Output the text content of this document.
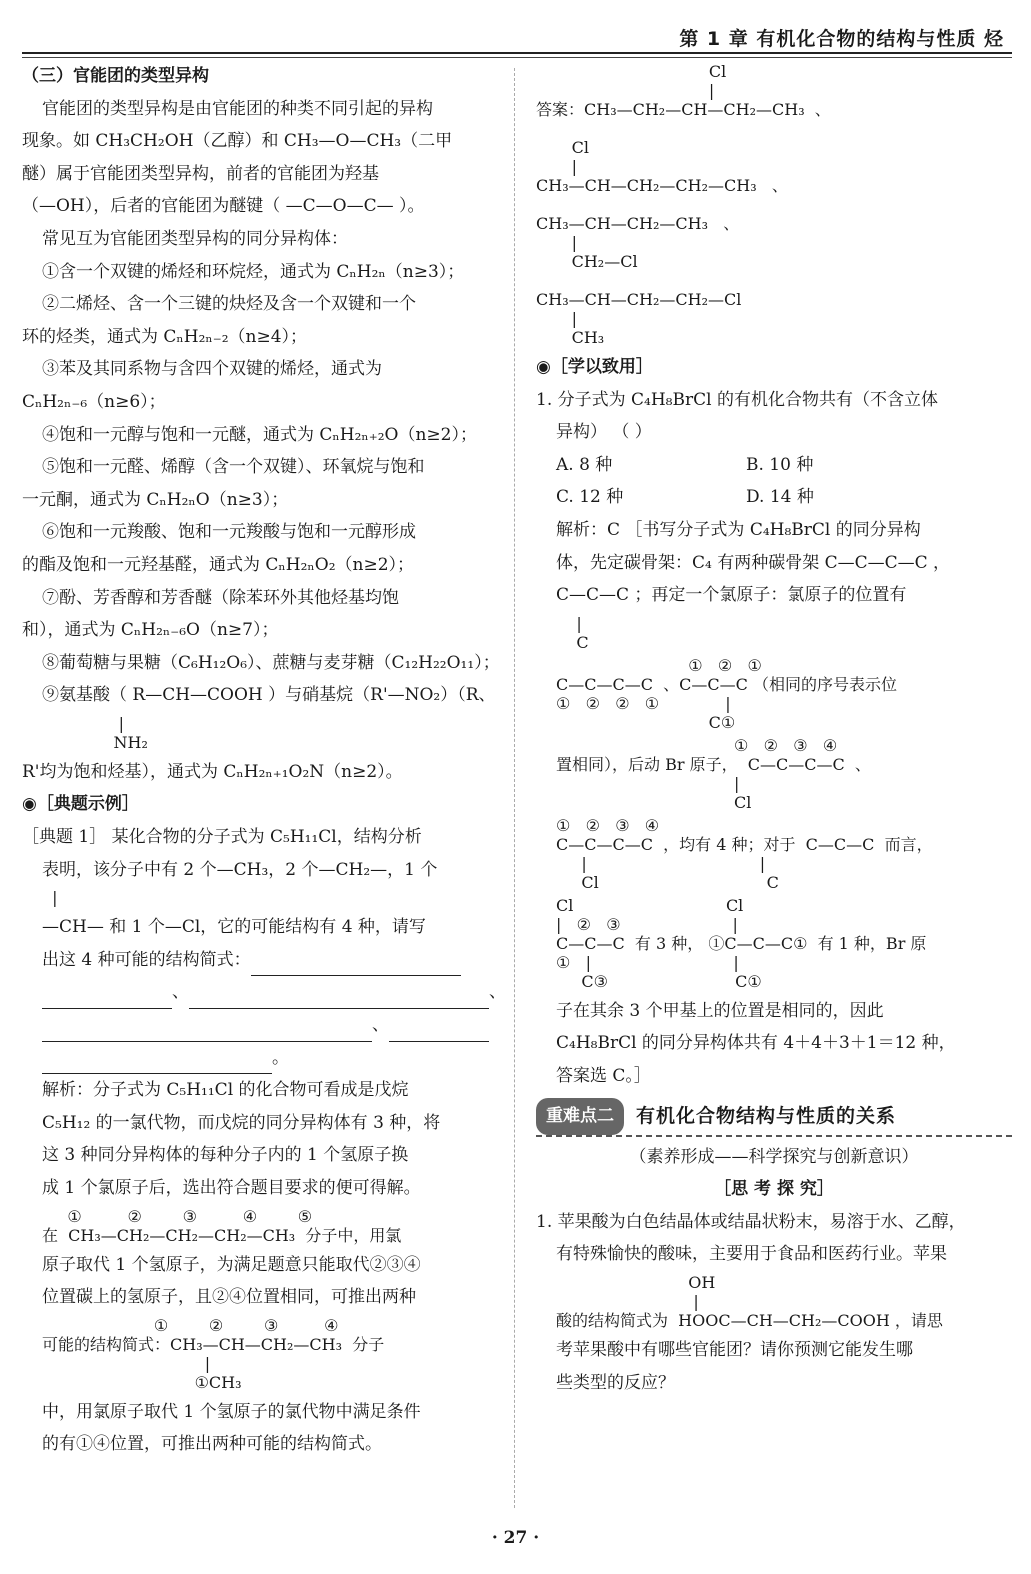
第 1 章 有机化合物的结构与性质 烃
（三）官能团的类型异构
官能团的类型异构是由官能团的种类不同引起的异构
现象。如 CH₃CH₂OH（乙醇）和 CH₃—O—CH₃（二甲
醚）属于官能团类型异构，前者的官能团为羟基
（—OH），后者的官能团为醚键（ —C—O—C— ）。
常见互为官能团类型异构的同分异构体：
①含一个双键的烯烃和环烷烃，通式为 CₙH₂ₙ（n≥3）；
②二烯烃、含一个三键的炔烃及含一个双键和一个
环的烃类，通式为 CₙH₂ₙ₋₂（n≥4）；
③苯及其同系物与含四个双键的烯烃，通式为
CₙH₂ₙ₋₆（n≥6）；
④饱和一元醇与饱和一元醚，通式为 CₙH₂ₙ₊₂O（n≥2）；
⑤饱和一元醛、烯醇（含一个双键）、环氧烷与饱和
一元酮，通式为 CₙH₂ₙO（n≥3）；
⑥饱和一元羧酸、饱和一元羧酸与饱和一元醇形成
的酯及饱和一元羟基醛，通式为 CₙH₂ₙO₂（n≥2）；
⑦酚、芳香醇和芳香醚（除苯环外其他烃基均饱
和），通式为 CₙH₂ₙ₋₆O（n≥7）；
⑧葡萄糖与果糖（C₆H₁₂O₆）、蔗糖与麦芽糖（C₁₂H₂₂O₁₁）；
⑨氨基酸（ R—CH—COOH ）与硝基烷（R'—NO₂）（R、
|
NH₂
R'均为饱和烃基），通式为 CₙH₂ₙ₊₁O₂N（n≥2）。
◉［典题示例］
［典题 1］ 某化合物的分子式为 C₅H₁₁Cl，结构分析
表明，该分子中有 2 个—CH₃，2 个—CH₂—，1 个
|
—CH— 和 1 个—Cl，它的可能结构有 4 种，请写
出这 4 种可能的结构简式：
、	、
、
。
解析：分子式为 C₅H₁₁Cl 的化合物可看成是戊烷
C₅H₁₂ 的一氯代物，而戊烷的同分异构体有 3 种，将
这 3 种同分异构体的每种分子内的 1 个氢原子换
成 1 个氯原子后，选出符合题目要求的便可得解。
①         ②        ③         ④        ⑤
在  CH₃—CH₂—CH₂—CH₂—CH₃  分子中，用氯
原子取代 1 个氢原子，为满足题意只能取代②③④
位置碳上的氢原子，且②④位置相同，可推出两种
①        ②        ③         ④
可能的结构简式：CH₃—CH—CH₂—CH₃  分子
|
①CH₃
中，用氯原子取代 1 个氢原子的氯代物中满足条件
的有①④位置，可推出两种可能的结构简式。
Cl
|
答案：CH₃—CH₂—CH—CH₂—CH₃  、

Cl
|
CH₃—CH—CH₂—CH₂—CH₃   、

CH₃—CH—CH₂—CH₃   、
|
CH₂—Cl

CH₃—CH—CH₂—CH₂—Cl
|
CH₃
◉［学以致用］
1. 分子式为 C₄H₈BrCl 的有机化合物共有（不含立体
异构） （ ）
A. 8 种	B. 10 种
C. 12 种	D. 14 种
解析：C ［书写分子式为 C₄H₈BrCl 的同分异构
体，先定碳骨架：C₄ 有两种碳骨架 C—C—C—C ，
C—C—C ；再定一个氯原子：氯原子的位置有
|
C
①   ②   ①
C—C—C—C  、C—C—C （相同的序号表示位
①   ②   ②   ①             |
C①
①   ②   ③   ④
置相同），后动 Br 原子，  C—C—C—C  、
|
Cl
①   ②   ③   ④
C—C—C—C  ，均有 4 种；对于  C—C—C  而言，
|                                  |
Cl                                 C
Cl                              Cl
|   ②   ③                      |
C—C—C  有 3 种， ①C—C—C①  有 1 种，Br 原
①   |                            |
C③                         C①
子在其余 3 个甲基上的位置是相同的，因此
C₄H₈BrCl 的同分异构体共有 4＋4＋3＋1＝12 种，
答案选 C。］
重难点二	有机化合物结构与性质的关系
（素养形成——科学探究与创新意识）
［思 考 探 究］
1. 苹果酸为白色结晶体或结晶状粉末，易溶于水、乙醇，
有特殊愉快的酸味，主要用于食品和医药行业。苹果
OH
|
酸的结构简式为  HOOC—CH—CH₂—COOH ，请思
考苹果酸中有哪些官能团？请你预测它能发生哪
些类型的反应？
· 27 ·
